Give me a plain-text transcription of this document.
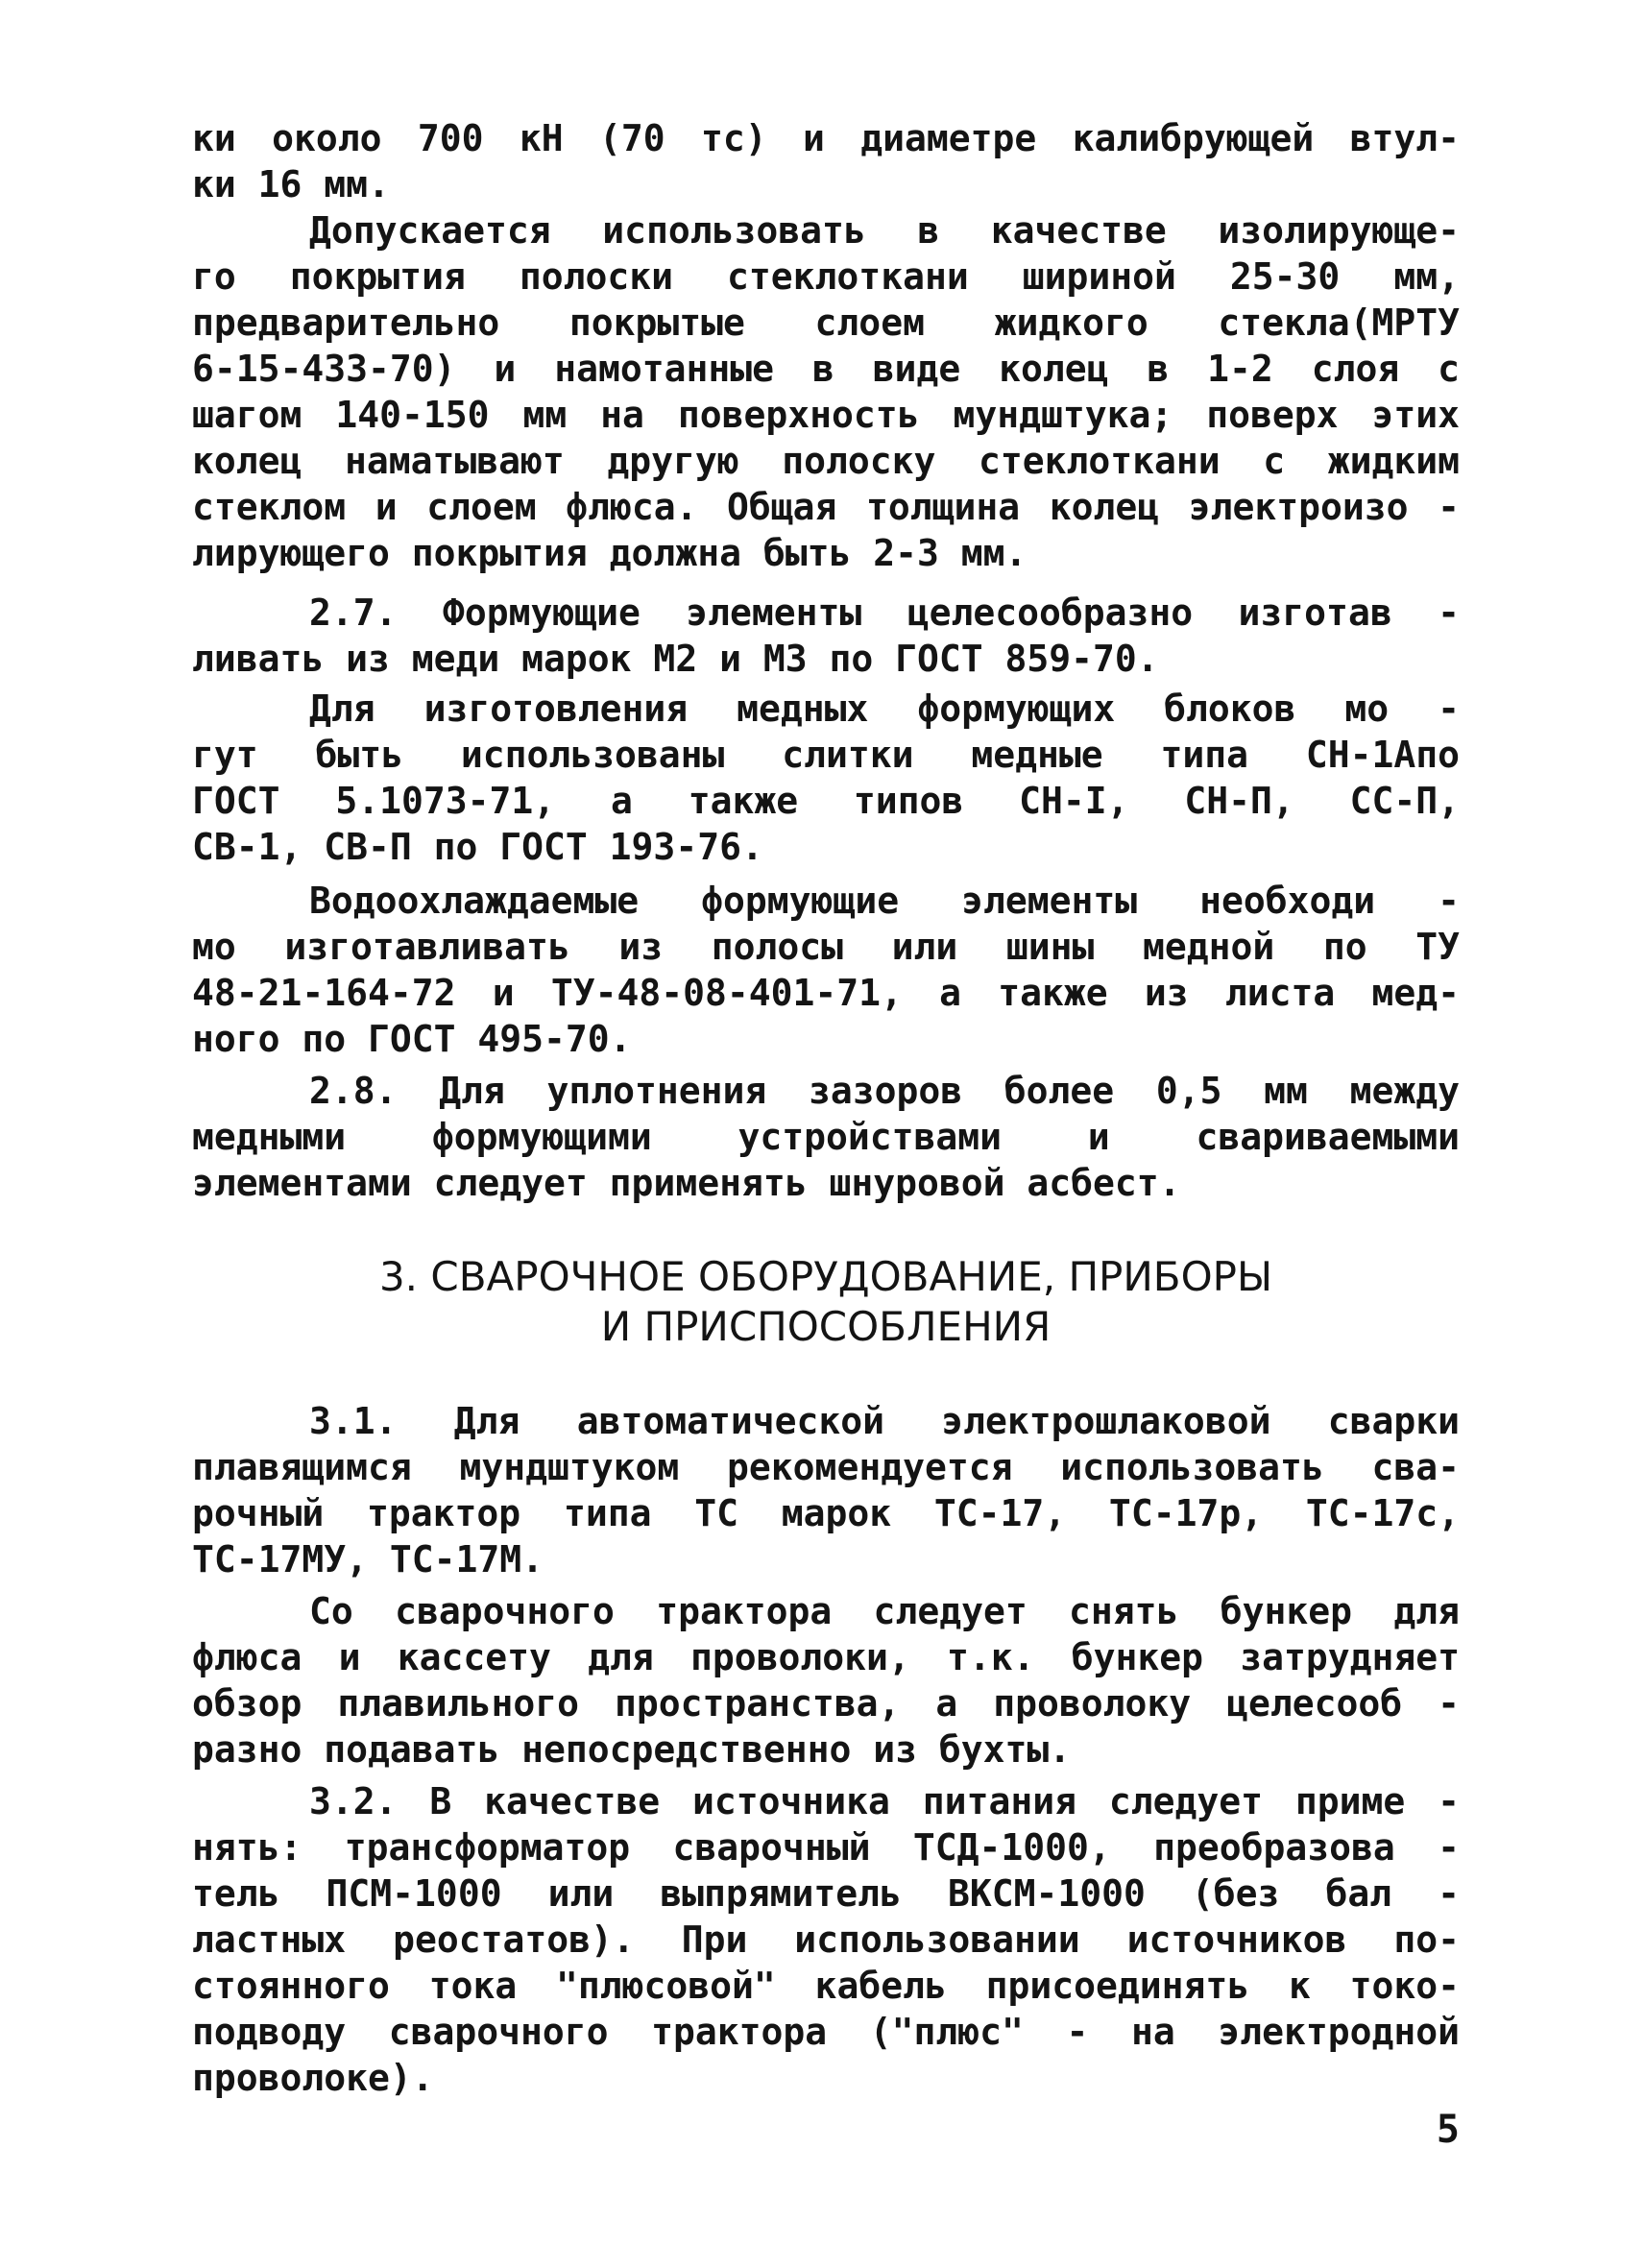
ки около 700 кН (70 тс) и диаметре калибрующей втул-
ки 16 мм.
Допускается использовать в качестве изолирующе-
го покрытия полоски стеклоткани шириной 25-30 мм,
предварительно покрытые слоем жидкого стекла(МРТУ
6-15-433-70) и намотанные в виде колец в 1-2 слоя с
шагом 140-150 мм на поверхность мундштука; поверх этих
колец наматывают другую полоску стеклоткани с жидким
стеклом и слоем флюса. Общая толщина колец электроизо -
лирующего покрытия должна быть 2-3 мм.
2.7. Формующие элементы целесообразно изготав -
ливать из меди марок М2 и М3 по ГОСТ 859-70.
Для изготовления медных формующих блоков мо -
гут быть использованы слитки медные типа СН-1Апо
ГОСТ 5.1073-71, а также типов СН-I, СН-П, СС-П,
СВ-1, СВ-П по ГОСТ 193-76.
Водоохлаждаемые формующие элементы необходи -
мо изготавливать из полосы или шины медной по ТУ
48-21-164-72 и ТУ-48-08-401-71, а также из листа мед-
ного по ГОСТ 495-70.
2.8. Для уплотнения зазоров более 0,5 мм между
медными формующими устройствами и свариваемыми
элементами следует применять шнуровой асбест.
3. СВАРОЧНОЕ ОБОРУДОВАНИЕ, ПРИБОРЫ
И ПРИСПОСОБЛЕНИЯ
3.1. Для автоматической электрошлаковой сварки
плавящимся мундштуком рекомендуется использовать сва-
рочный трактор типа ТС марок ТС-17, ТС-17р, ТС-17с,
ТС-17МУ, ТС-17М.
Со сварочного трактора следует снять бункер для
флюса и кассету для проволоки, т.к. бункер затрудняет
обзор плавильного пространства, а проволоку целесооб -
разно подавать непосредственно из бухты.
3.2. В качестве источника питания следует приме -
нять: трансформатор сварочный ТСД-1000, преобразова -
тель ПСМ-1000 или выпрямитель ВКСМ-1000 (без бал -
ластных реостатов). При использовании источников по-
стоянного тока "плюсовой" кабель присоединять к токо-
подводу сварочного трактора ("плюс" - на электродной
проволоке).
5
